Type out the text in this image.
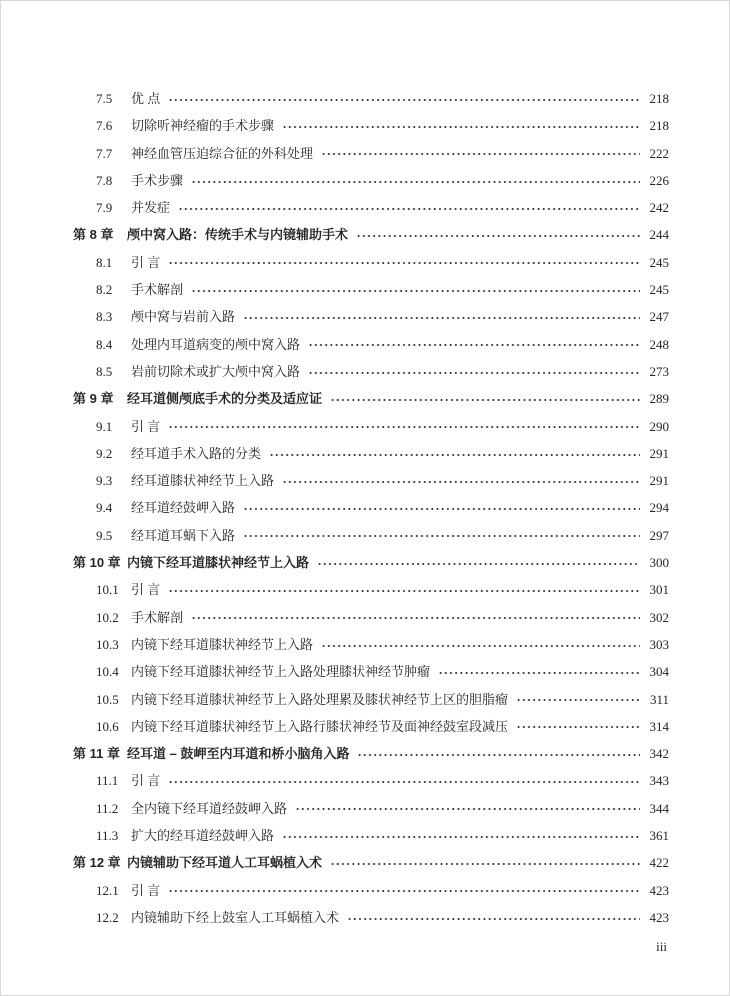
7.5	优 点	218
7.6	切除听神经瘤的手术步骤	218
7.7	神经血管压迫综合征的外科处理	222
7.8	手术步骤	226
7.9	并发症	242
第 8 章	颅中窝入路：传统手术与内镜辅助手术	244
8.1	引 言	245
8.2	手术解剖	245
8.3	颅中窝与岩前入路	247
8.4	处理内耳道病变的颅中窝入路	248
8.5	岩前切除术或扩大颅中窝入路	273
第 9 章	经耳道侧颅底手术的分类及适应证	289
9.1	引 言	290
9.2	经耳道手术入路的分类	291
9.3	经耳道膝状神经节上入路	291
9.4	经耳道经鼓岬入路	294
9.5	经耳道耳蜗下入路	297
第 10 章 内镜下经耳道膝状神经节上入路	300
10.1 引 言	301
10.2 手术解剖	302
10.3 内镜下经耳道膝状神经节上入路	303
10.4 内镜下经耳道膝状神经节上入路处理膝状神经节肿瘤	304
10.5 内镜下经耳道膝状神经节上入路处理累及膝状神经节上区的胆脂瘤	311
10.6 内镜下经耳道膝状神经节上入路行膝状神经节及面神经鼓室段减压	314
第 11 章 经耳道 – 鼓岬至内耳道和桥小脑角入路	342
11.1 引 言	343
11.2 全内镜下经耳道经鼓岬入路	344
11.3 扩大的经耳道经鼓岬入路	361
第 12 章 内镜辅助下经耳道人工耳蜗植入术	422
12.1 引 言	423
12.2 内镜辅助下经上鼓室人工耳蜗植入术	423
iii
